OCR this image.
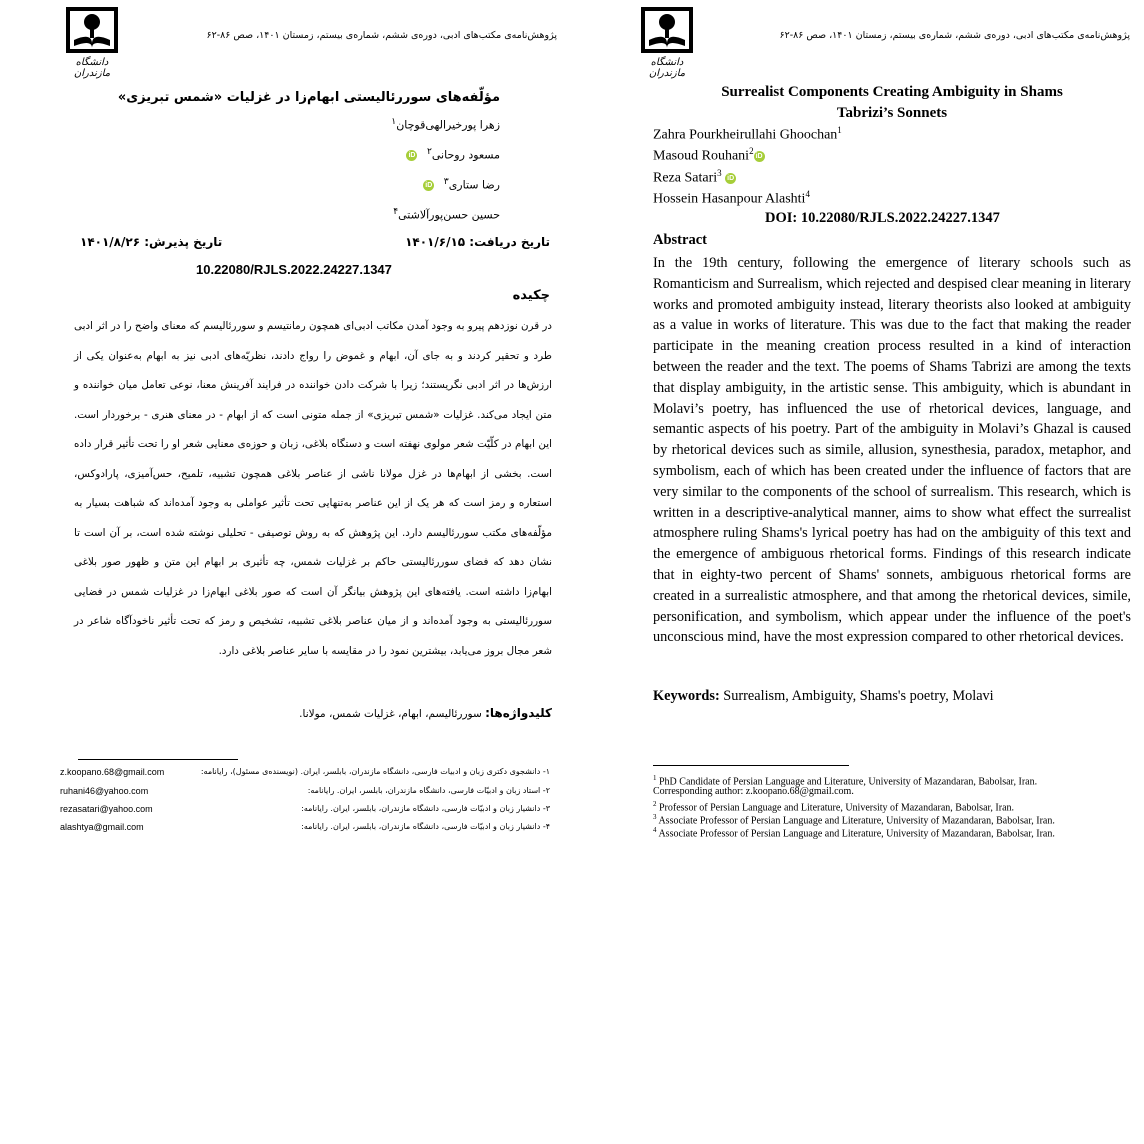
دانشگاه مازندران
پژوهش‌نامه‌ی مکتب‌های ادبی، دوره‌ی ششم، شماره‌ی بیستم، زمستان ۱۴۰۱، صص ۸۶-۶۲
مؤلّفه‌های سوررئالیستی ابهام‌زا در غزلیات «شمس تبریزی»
زهرا پورخیرالهی‌قوچان$^۱$
مسعود روحانی$^۲$ iD
رضا ستاری$^۳$ iD
حسین حسن‌پورآلاشتی$^۴$
تاریخ دریافت: ۱۴۰۱/۶/۱۵
تاریخ پذیرش: ۱۴۰۱/۸/۲۶
10.22080/RJLS.2022.24227.1347
چکیده

در قرن نوزدهم پیرو به وجود آمدن مکاتب ادبی‌ای همچون رمانتیسم و سوررئالیسم که معنای واضح را در اثر ادبی طرد و تحقیر کردند و به جای آن، ابهام و غموض را رواج دادند، نظریّه‌های ادبی نیز به ابهام به‌عنوان یکی از ارزش‌ها در اثر ادبی نگریستند؛ زیرا با شرکت دادن خواننده در فرایند آفرینش معنا، نوعی تعامل میان خواننده و متن ایجاد می‌کند. غزلیات «شمس تبریزی» از جمله متونی است که از ابهام - در معنای هنری - برخوردار است. این ابهام در کلّیّت شعر مولوی نهفته است و دستگاه بلاغی، زبان و حوزه‌ی معنایی شعر او را تحت تأثیر قرار داده است. بخشی از ابهام‌ها در غزل مولانا ناشی از عناصر بلاغی همچون تشبیه، تلمیح، حس‌آمیزی، پارادوکس، استعاره و رمز است که هر یک از این عناصر به‌تنهایی تحت تأثیر عواملی به وجود آمده‌اند که شباهت بسیار به مؤلّفه‌های مکتب سوررئالیسم دارد. این پژوهش که به روش توصیفی - تحلیلی نوشته شده است، بر آن است تا نشان دهد که فضای سوررئالیستی حاکم بر غزلیات شمس، چه تأثیری بر ابهام این متن و ظهور صور بلاغی ابهام‌زا داشته است. یافته‌های این پژوهش بیانگر آن است که صور بلاغی ابهام‌زا در غزلیات شمس در فضایی سوررئالیستی به وجود آمده‌اند و از میان عناصر بلاغی تشبیه، تشخیص و رمز که تحت تأثیر ناخودآگاه شاعر در شعر مجال بروز می‌یابد، بیشترین نمود را در مقایسه با سایر عناصر بلاغی دارد.

کلیدواژه‌ها: سوررئالیسم، ابهام، غزلیات شمس، مولانا.
۱- دانشجوی دکتری زبان و ادبیات فارسی، دانشگاه مازندران، بابلسر، ایران. (نویسنده‌ی مسئول)، رایانامه:
z.koopano.68@gmail.com
۲- استاد زبان و ادبیّات فارسی، دانشگاه مازندران، بابلسر، ایران. رایانامه:
ruhani46@yahoo.com
۳- دانشیار زبان و ادبیّات فارسی، دانشگاه مازندران، بابلسر، ایران. رایانامه:
rezasatari@yahoo.com
۴- دانشیار زبان و ادبیّات فارسی، دانشگاه مازندران، بابلسر، ایران. رایانامه:
alashtya@gmail.com
دانشگاه مازندران
پژوهش‌نامه‌ی مکتب‌های ادبی، دوره‌ی ششم، شماره‌ی بیستم، زمستان ۱۴۰۱، صص ۸۶-۶۲

Surrealist Components Creating Ambiguity in Shams Tabrizi’s Sonnets

Zahra Pourkheirullahi Ghoochan$^1$
Masoud Rouhani$^2$iD
Reza Satari$^3$ iD
Hossein Hasanpour Alashti$^4$
DOI: 10.22080/RJLS.2022.24227.1347
Abstract

In the 19th century, following the emergence of literary schools such as Romanticism and Surrealism, which rejected and despised clear meaning in literary works and promoted ambiguity instead, literary theorists also looked at ambiguity as a value in works of literature. This was due to the fact that making the reader participate in the meaning creation process resulted in a kind of interaction between the reader and the text. The poems of Shams Tabrizi are among the texts that display ambiguity, in the artistic sense. This ambiguity, which is abundant in Molavi’s poetry, has influenced the use of rhetorical devices, language, and semantic aspects of his poetry. Part of the ambiguity in Molavi’s Ghazal is caused by rhetorical devices such as simile, allusion, synesthesia, paradox, metaphor, and symbolism, each of which has been created under the influence of factors that are very similar to the components of the school of surrealism. This research, which is written in a descriptive-analytical manner, aims to show what effect the surrealist atmosphere ruling Shams's lyrical poetry has had on the ambiguity of this text and the emergence of ambiguous rhetorical forms. Findings of this research indicate that in eighty-two percent of Shams' sonnets, ambiguous rhetorical forms are created in a surrealistic atmosphere, and that among the rhetorical devices, simile, personification, and symbolism, which appear under the influence of the poet's unconscious mind, have the most expression compared to other rhetorical devices.

Keywords: Surrealism, Ambiguity, Shams's poetry, Molavi
$^1$ PhD Candidate of Persian Language and Literature, University of Mazandaran, Babolsar, Iran.
Corresponding author: z.koopano.68@gmail.com.
$^2$ Professor of Persian Language and Literature, University of Mazandaran, Babolsar, Iran.
$^3$ Associate Professor of Persian Language and Literature, University of Mazandaran, Babolsar, Iran.
$^4$ Associate Professor of Persian Language and Literature, University of Mazandaran, Babolsar, Iran.
